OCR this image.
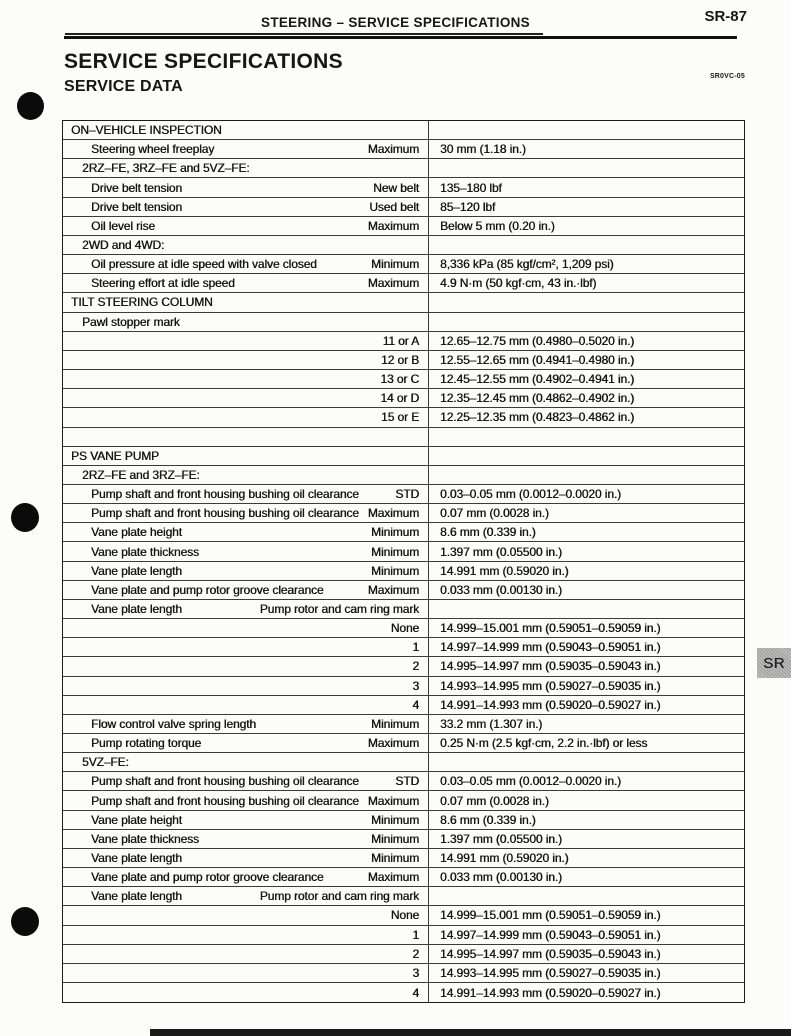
STEERING – SERVICE SPECIFICATIONS	SR-87
SERVICE SPECIFICATIONS
SERVICE DATA
SR0VC-05
ON–VEHICLE INSPECTION
Steering wheel freeplay	Maximum	30 mm (1.18 in.)
2RZ–FE, 3RZ–FE and 5VZ–FE:
Drive belt tension	New belt	135–180 lbf
Drive belt tension	Used belt	85–120 lbf
Oil level rise	Maximum	Below 5 mm (0.20 in.)
2WD and 4WD:
Oil pressure at idle speed with valve closed	Minimum	8,336 kPa (85 kgf/cm², 1,209 psi)
Steering effort at idle speed	Maximum	4.9 N·m (50 kgf·cm, 43 in.·lbf)
TILT STEERING COLUMN
Pawl stopper mark
11 or A	12.65–12.75 mm (0.4980–0.5020 in.)
12 or B	12.55–12.65 mm (0.4941–0.4980 in.)
13 or C	12.45–12.55 mm (0.4902–0.4941 in.)
14 or D	12.35–12.45 mm (0.4862–0.4902 in.)
15 or E	12.25–12.35 mm (0.4823–0.4862 in.)
PS VANE PUMP
2RZ–FE and 3RZ–FE:
Pump shaft and front housing bushing oil clearance	STD	0.03–0.05 mm (0.0012–0.0020 in.)
Pump shaft and front housing bushing oil clearance Maximum	0.07 mm (0.0028 in.)
Vane plate height	Minimum	8.6 mm (0.339 in.)
Vane plate thickness	Minimum	1.397 mm (0.05500 in.)
Vane plate length	Minimum	14.991 mm (0.59020 in.)
Vane plate and pump rotor groove clearance	Maximum	0.033 mm (0.00130 in.)
Vane plate length	Pump rotor and cam ring mark
None	14.999–15.001 mm (0.59051–0.59059 in.)
1	14.997–14.999 mm (0.59043–0.59051 in.)
2	14.995–14.997 mm (0.59035–0.59043 in.)
3	14.993–14.995 mm (0.59027–0.59035 in.)
4	14.991–14.993 mm (0.59020–0.59027 in.)
Flow control valve spring length	Minimum	33.2 mm (1.307 in.)
Pump rotating torque	Maximum	0.25 N·m (2.5 kgf·cm, 2.2 in.·lbf) or less
5VZ–FE:
Pump shaft and front housing bushing oil clearance	STD	0.03–0.05 mm (0.0012–0.0020 in.)
Pump shaft and front housing bushing oil clearance Maximum	0.07 mm (0.0028 in.)
Vane plate height	Minimum	8.6 mm (0.339 in.)
Vane plate thickness	Minimum	1.397 mm (0.05500 in.)
Vane plate length	Minimum	14.991 mm (0.59020 in.)
Vane plate and pump rotor groove clearance	Maximum	0.033 mm (0.00130 in.)
Vane plate length	Pump rotor and cam ring mark
None	14.999–15.001 mm (0.59051–0.59059 in.)
1	14.997–14.999 mm (0.59043–0.59051 in.)
2	14.995–14.997 mm (0.59035–0.59043 in.)
3	14.993–14.995 mm (0.59027–0.59035 in.)
4	14.991–14.993 mm (0.59020–0.59027 in.)
SR
